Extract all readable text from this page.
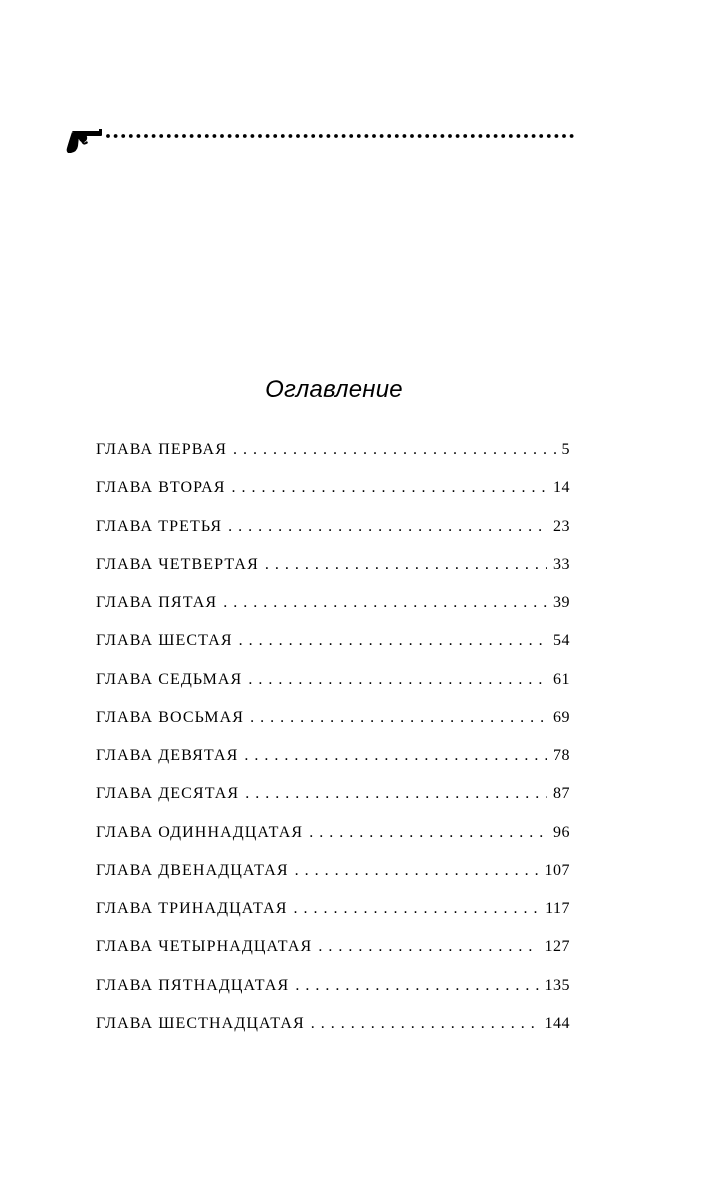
Оглавление
ГЛАВА ПЕРВАЯ . . .	5
ГЛАВА ВТОРАЯ . . .	14
ГЛАВА ТРЕТЬЯ . . .	23
ГЛАВА ЧЕТВЕРТАЯ . . .	33
ГЛАВА ПЯТАЯ . . .	39
ГЛАВА ШЕСТАЯ . . .	54
ГЛАВА СЕДЬМАЯ . . .	61
ГЛАВА ВОСЬМАЯ . . .	69
ГЛАВА ДЕВЯТАЯ . . .	78
ГЛАВА ДЕСЯТАЯ . . .	87
ГЛАВА ОДИННАДЦАТАЯ . . .	96
ГЛАВА ДВЕНАДЦАТАЯ . . .	107
ГЛАВА ТРИНАДЦАТАЯ . . .	117
ГЛАВА ЧЕТЫРНАДЦАТАЯ . . .	127
ГЛАВА ПЯТНАДЦАТАЯ . . .	135
ГЛАВА ШЕСТНАДЦАТАЯ . . .	144
